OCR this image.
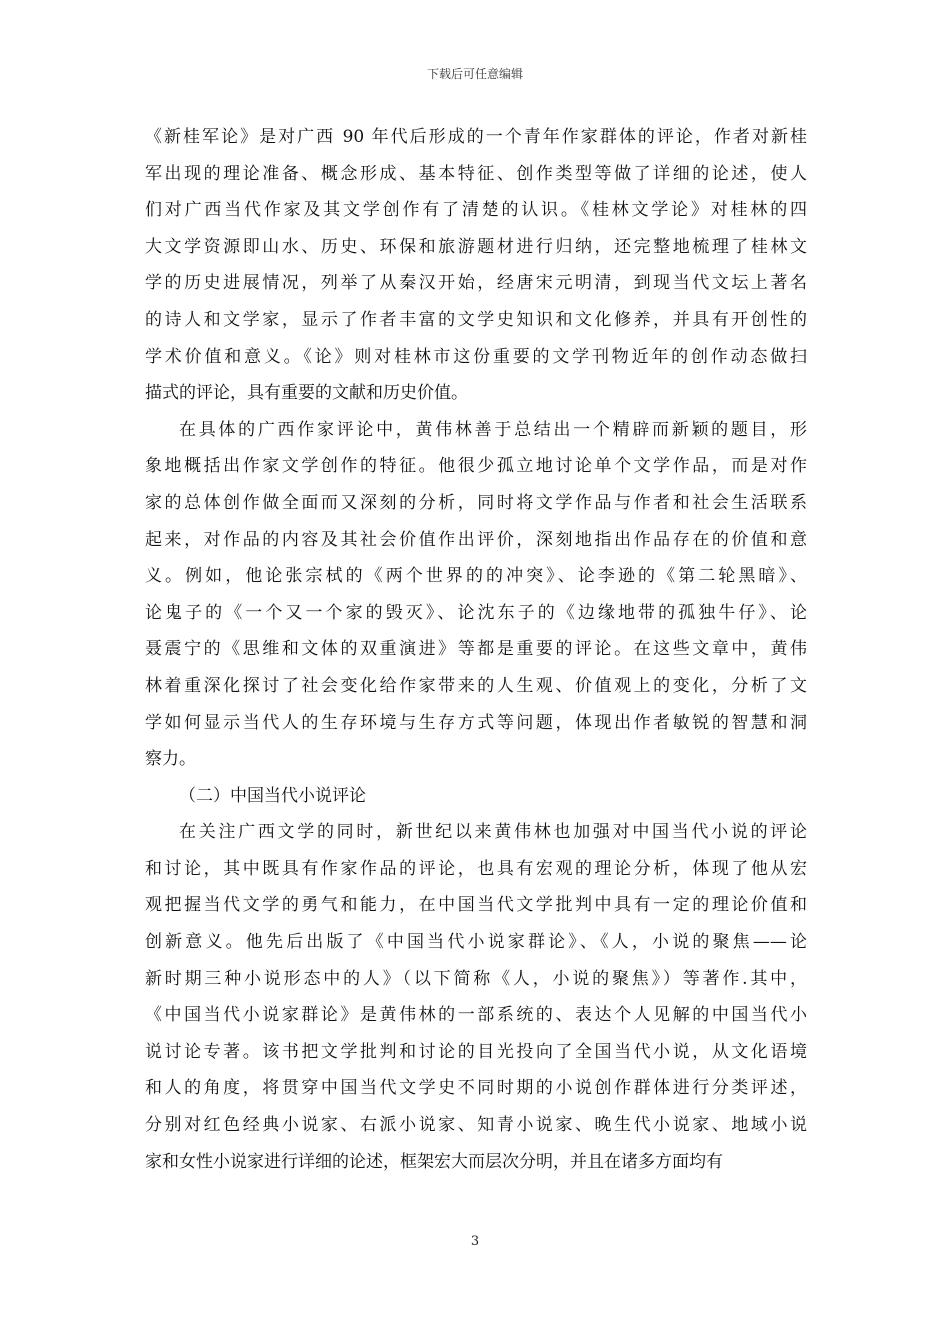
下载后可任意编辑
《新桂军论》是对广西 90 年代后形成的一个青年作家群体的评论，作者对新桂
军出现的理论准备、概念形成、基本特征、创作类型等做了详细的论述，使人
们对广西当代作家及其文学创作有了清楚的认识。《桂林文学论》对桂林的四
大文学资源即山水、历史、环保和旅游题材进行归纳，还完整地梳理了桂林文
学的历史进展情况，列举了从秦汉开始，经唐宋元明清，到现当代文坛上著名
的诗人和文学家，显示了作者丰富的文学史知识和文化修养，并具有开创性的
学术价值和意义。《论》则对桂林市这份重要的文学刊物近年的创作动态做扫
描式的评论，具有重要的文献和历史价值。
在具体的广西作家评论中，黄伟林善于总结出一个精辟而新颖的题目，形
象地概括出作家文学创作的特征。他很少孤立地讨论单个文学作品，而是对作
家的总体创作做全面而又深刻的分析，同时将文学作品与作者和社会生活联系
起来，对作品的内容及其社会价值作出评价，深刻地指出作品存在的价值和意
义。例如，他论张宗栻的《两个世界的的冲突》、论李逊的《第二轮黑暗》、
论鬼子的《一个又一个家的毁灭》、论沈东子的《边缘地带的孤独牛仔》、论
聂震宁的《思维和文体的双重演进》等都是重要的评论。在这些文章中，黄伟
林着重深化探讨了社会变化给作家带来的人生观、价值观上的变化，分析了文
学如何显示当代人的生存环境与生存方式等问题，体现出作者敏锐的智慧和洞
察力。
（二）中国当代小说评论
在关注广西文学的同时，新世纪以来黄伟林也加强对中国当代小说的评论
和讨论，其中既具有作家作品的评论，也具有宏观的理论分析，体现了他从宏
观把握当代文学的勇气和能力，在中国当代文学批判中具有一定的理论价值和
创新意义。他先后出版了《中国当代小说家群论》、《人，小说的聚焦——论
新时期三种小说形态中的人》（以下简称《人，小说的聚焦》）等著作.其中，
《中国当代小说家群论》是黄伟林的一部系统的、表达个人见解的中国当代小
说讨论专著。该书把文学批判和讨论的目光投向了全国当代小说，从文化语境
和人的角度，将贯穿中国当代文学史不同时期的小说创作群体进行分类评述，
分别对红色经典小说家、右派小说家、知青小说家、晚生代小说家、地域小说
家和女性小说家进行详细的论述，框架宏大而层次分明，并且在诸多方面均有
3
